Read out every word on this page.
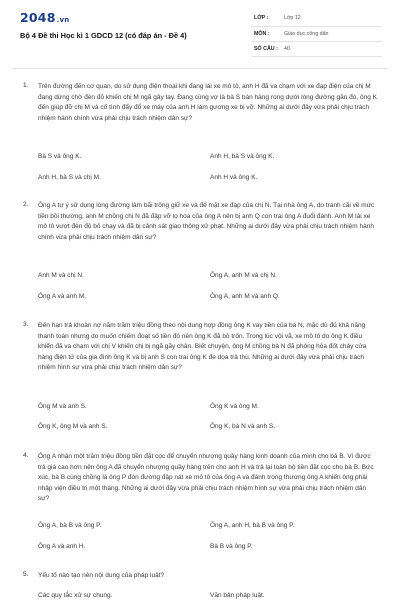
2048.vn
Bộ 4 Đề thi Học kì 1 GDCD 12 (có đáp án - Đề 4)
LỚP :	Lớp 12
MÔN :	Giáo dục công dân
SỐ CÂU :	40
1. Trên đường đến cơ quan, do sử dụng điện thoại khi đang lái xe mô tô, anh H đã va chạm với xe đạp điện của chị M đang dừng chờ đèn đỏ khiến chị M ngã gây tay. Đang cùng vợ là bà S bán hàng rong dưới lòng đường gần đó, ông K đến giúp đỡ chị M và cố tình đẩy đổ xe máy của anh H làm gương xe bị vỡ. Những ai dưới đây vừa phải chịu trách nhiệm hành chính vừa phải chịu trách nhiệm dân sự?
Bà S và ông K.	Anh H, bà S và ông K.
Anh H, bà S và chị M.	Anh H và ông K.
2. Ông A tự ý sử dụng lòng đường làm bãi trông giữ xe và để mặt xe đạp của chị N. Tại nhà ông A, do tranh cãi về mức tiền bồi thường, anh M chồng chị N đã đập vỡ lọ hoa của ông A nên bị anh Q con trai ông A đuổi đánh. Anh M lái xe mô tô vượt đèn đỏ bỏ chạy và đã bị cảnh sát giao thông xử phạt. Những ai dưới đây vừa phải chịu trách nhiệm hành chính vừa phải chịu trách nhiệm dân sự?
Anh M và chị N.	Ông A, anh M và chị N.
Ông A và anh M.	Ông A, anh M và anh Q.
3. Đến hạn trả khoản nợ năm trăm triệu đồng theo nội dung hợp đồng ông K vay tiền của bà N, mặc dù đủ khả năng thanh toán nhưng do muốn chiếm đoạt số tiền đó nên ông K đã bỏ trốn. Trong lúc vội vã, xe mô tô do ông K điều khiển đã va chạm với chị V khiến chị bị ngã gãy chân. Biết chuyện, ông M chồng bà N đã phóng hỏa đốt chảy cửa hàng điện tử của gia đình ông K và bị anh S con trai ông K đe dọa trả thù. Những ai dưới đây vừa phải chịu trách nhiệm hình sự vừa phải chịu trách nhiệm dân sự?
Ông M và anh S.	Ông K và ông M.
Ông K, ông M và anh S.	Ông K, bà N và anh S.
4. Ông A nhận một trăm triệu đồng tiền đặt cọc để chuyển nhượng quầy hàng kinh doanh của mình cho bà B. Vì được trả giá cao hơn nên ông A đã chuyển nhượng quầy hàng trên cho anh H và trả lại toàn bộ tiền đặt cọc cho bà B. Bức xúc, bà B cùng chồng là ông P đón đường đập nát xe mô tô của ông A và đánh trọng thương ông A khiến ông phải nhập viện điều trị một tháng. Những ai dưới đây vừa phải chịu trách nhiệm hình sự vừa phải chịu trách nhiệm dân sự?
Ông A, bà B và ông P.	Ông A, anh H, bà B và ông P.
Ông A và anh H.	Bà B và ông P.
5. Yếu tố nào tạo nên nội dung của pháp luật?
Các quy tắc xử sự chung.	Văn bản pháp luật.
